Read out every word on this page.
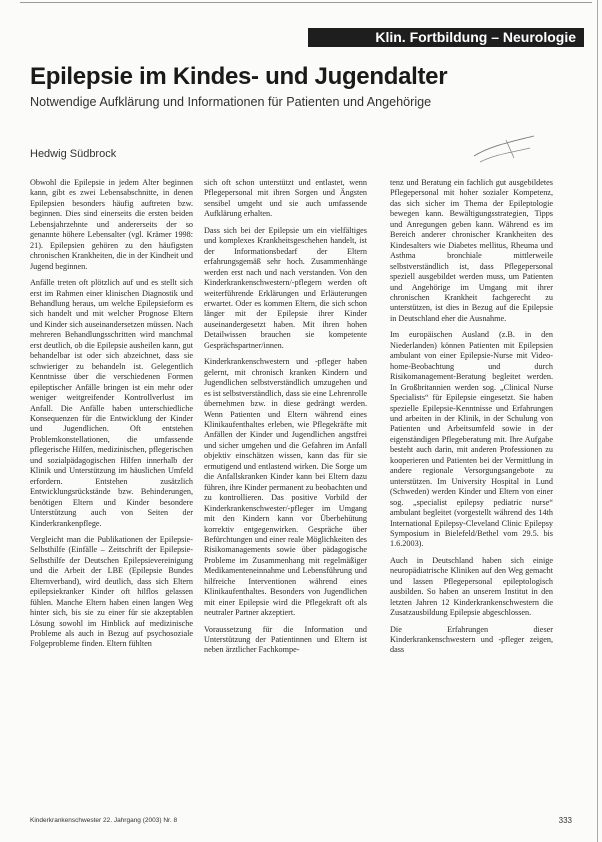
Klin. Fortbildung – Neurologie
Epilepsie im Kindes- und Jugendalter
Notwendige Aufklärung und Informationen für Patienten und Angehörige
Hedwig Südbrock

Obwohl die Epilepsie in jedem Alter beginnen kann, gibt es zwei Lebensabschnitte, in denen Epilepsien besonders häufig auftreten bzw. beginnen. Dies sind einerseits die ersten beiden Lebensjahrzehnte und andererseits der so genannte höhere Lebensalter (vgl. Krämer 1998: 21). Epilepsien gehören zu den häufigsten chronischen Krankheiten, die in der Kindheit und Jugend beginnen.

Anfälle treten oft plötzlich auf und es stellt sich erst im Rahmen einer klinischen Diagnostik und Behandlung heraus, um welche Epilepsieform es sich handelt und mit welcher Prognose Eltern und Kinder sich auseinandersetzen müssen. Nach mehreren Behandlungsschritten wird manchmal erst deutlich, ob die Epilepsie ausheilen kann, gut behandelbar ist oder sich abzeichnet, dass sie schwieriger zu behandeln ist. Gelegentlich Kenntnisse über die verschiedenen Formen epileptischer Anfälle bringen ist ein mehr oder weniger weitgreifender Kontrollverlust im Anfall. Die Anfälle haben unterschiedliche Konsequenzen für die Entwicklung der Kinder und Jugendlichen. Oft entstehen Problemkonstellationen, die umfassende pflegerische Hilfen, medizinischen, pflegerischen und sozialpädagogischen Hilfen innerhalb der Klinik und Unterstützung im häuslichen Umfeld erfordern. Entstehen zusätzlich Entwicklungsrückstände bzw. Behinderungen, benötigen Eltern und Kinder besondere Unterstützung auch von Seiten der Kinderkrankenpflege.

Vergleicht man die Publikationen der Epilepsie-Selbsthilfe (Einfälle – Zeitschrift der Epilepsie-Selbsthilfe der Deutschen Epilepsievereinigung und die Arbeit der LBE (Epilepsie Bundes Elternverband), wird deutlich, dass sich Eltern epilepsiekranker Kinder oft hilflos gelassen fühlen. Manche Eltern haben einen langen Weg hinter sich, bis sie zu einer für sie akzeptablen Lösung sowohl im Hinblick auf medizinische Probleme als auch in Bezug auf psychosoziale Folgeprobleme finden. Eltern fühlten

sich oft schon unterstützt und entlastet, wenn Pflegepersonal mit ihren Sorgen und Ängsten sensibel umgeht und sie auch umfassende Aufklärung erhalten.

Dass sich bei der Epilepsie um ein vielfältiges und komplexes Krankheitsgeschehen handelt, ist der Informationsbedarf der Eltern erfahrungsgemäß sehr hoch. Zusammenhänge werden erst nach und nach verstanden. Von den Kinderkrankenschwestern/-pflegern werden oft weiterführende Erklärungen und Erläuterungen erwartet. Oder es kommen Eltern, die sich schon länger mit der Epilepsie ihrer Kinder auseinandergesetzt haben. Mit ihren hohen Detailwissen brauchen sie kompetente Gesprächspartner/innen.

Kinderkrankenschwestern und -pfleger haben gelernt, mit chronisch kranken Kindern und Jugendlichen selbstverständlich umzugehen und es ist selbstverständlich, dass sie eine Lehrenrolle übernehmen bzw. in diese gedrängt werden. Wenn Patienten und Eltern während eines Klinikaufenthaltes erleben, wie Pflegekräfte mit Anfällen der Kinder und Jugendlichen angstfrei und sicher umgehen und die Gefahren im Anfall objektiv einschätzen wissen, kann das für sie ermutigend und entlastend wirken. Die Sorge um die Anfallskranken Kinder kann bei Eltern dazu führen, ihre Kinder permanent zu beobachten und zu kontrollieren. Das positive Vorbild der Kinderkrankenschwester/-pfleger im Umgang mit den Kindern kann vor Überbehütung korrektiv entgegenwirken. Gespräche über Befürchtungen und einer reale Möglichkeiten des Risikomanagements sowie über pädagogische Probleme im Zusammenhang mit regelmäßiger Medikamenteneinnahme und Lebensführung und hilfreiche Interventionen während eines Klinikaufenthaltes. Besonders von Jugendlichen mit einer Epilepsie wird die Pflegekraft oft als neutraler Partner akzeptiert.

Voraussetzung für die Information und Unterstützung der Patientinnen und Eltern ist neben ärztlicher Fachkompe-

tenz und Beratung ein fachlich gut ausgebildetes Pflegepersonal mit hoher sozialer Kompetenz, das sich sicher im Thema der Epileptologie bewegen kann. Bewältigungsstrategien, Tipps und Anregungen geben kann. Während es im Bereich anderer chronischer Krankheiten des Kindesalters wie Diabetes mellitus, Rheuma und Asthma bronchiale mittlerweile selbstverständlich ist, dass Pflegepersonal speziell ausgebildet werden muss, um Patienten und Angehörige im Umgang mit ihrer chronischen Krankheit fachgerecht zu unterstützen, ist dies in Bezug auf die Epilepsie in Deutschland eher die Ausnahme.

Im europäischen Ausland (z.B. in den Niederlanden) können Patienten mit Epilepsien ambulant von einer Epilepsie-Nurse mit Video-home-Beobachtung und durch Risikomanagement-Beratung begleitet werden. In Großbritannien werden sog. „Clinical Nurse Specialists“ für Epilepsie eingesetzt. Sie haben spezielle Epilepsie-Kenntnisse und Erfahrungen und arbeiten in der Klinik, in der Schulung von Patienten und Arbeitsumfeld sowie in der eigenständigen Pflegeberatung mit. Ihre Aufgabe besteht auch darin, mit anderen Professionen zu kooperieren und Patienten bei der Vermittlung in andere regionale Versorgungsangebote zu unterstützen. Im University Hospital in Lund (Schweden) werden Kinder und Eltern von einer sog. „specialist epilepsy pediatric nurse“ ambulant begleitet (vorgestellt während des 14th International Epilepsy-Cleveland Clinic Epilepsy Symposium in Bielefeld/Bethel vom 29.5. bis 1.6.2003).

Auch in Deutschland haben sich einige neuropädiatrische Kliniken auf den Weg gemacht und lassen Pflegepersonal epileptologisch ausbilden. So haben an unserem Institut in den letzten Jahren 12 Kinderkrankenschwestern die Zusatzausbildung Epilepsie abgeschlossen.

Die Erfahrungen dieser Kinderkrankenschwestern und -pfleger zeigen, dass

Kinderkrankenschwester 22. Jahrgang (2003) Nr. 8	333
